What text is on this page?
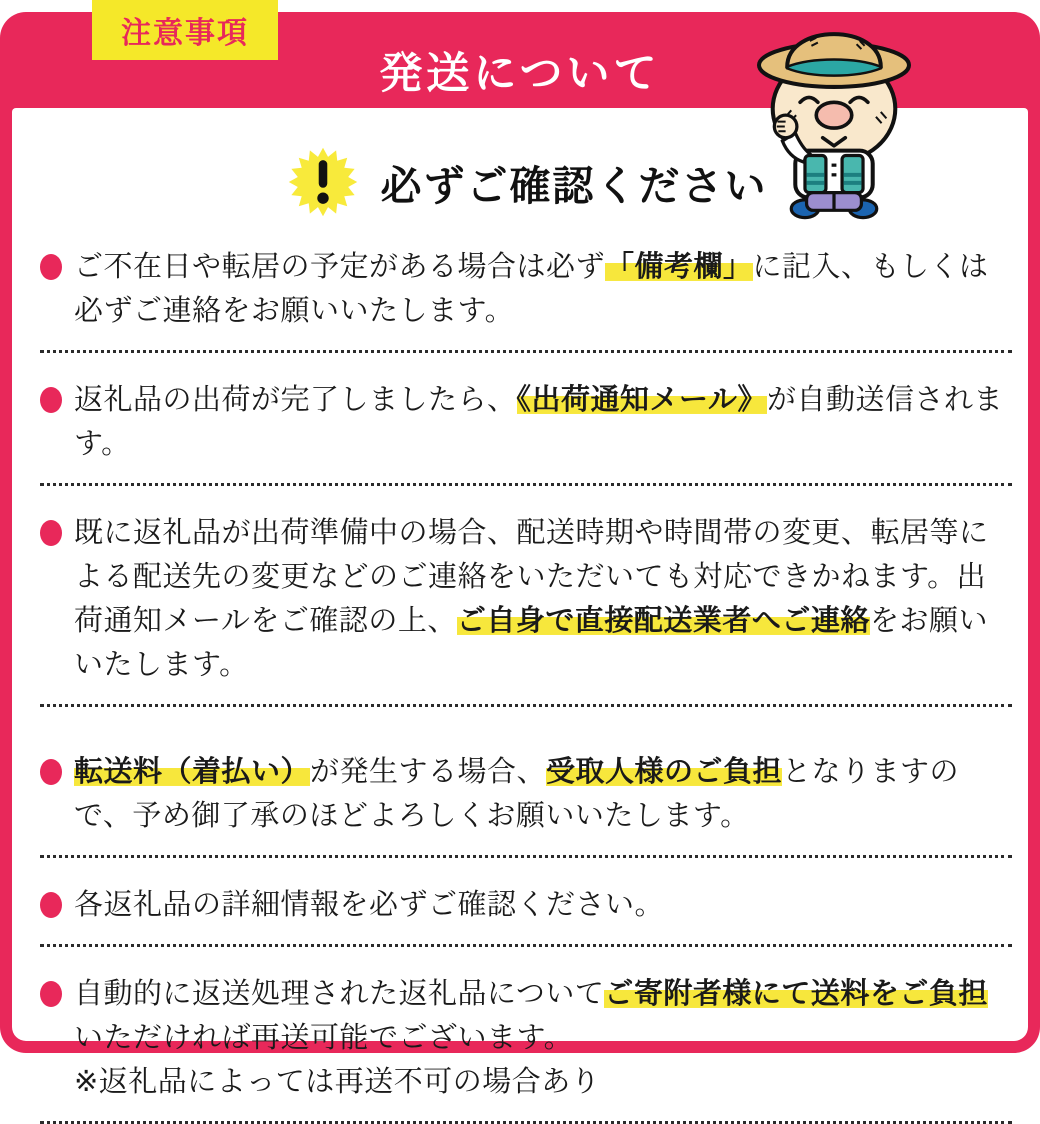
注意事項
発送について
必ずご確認ください
ご不在日や転居の予定がある場合は必ず「備考欄」に記入、もしくは必ずご連絡をお願いいたします。
返礼品の出荷が完了しましたら、《出荷通知メール》が自動送信されます。
既に返礼品が出荷準備中の場合、配送時期や時間帯の変更、転居等による配送先の変更などのご連絡をいただいても対応できかねます。出荷通知メールをご確認の上、ご自身で直接配送業者へご連絡をお願いいたします。
転送料（着払い）が発生する場合、受取人様のご負担となりますので、予め御了承のほどよろしくお願いいたします。
各返礼品の詳細情報を必ずご確認ください。
自動的に返送処理された返礼品についてご寄附者様にて送料をご負担いただければ再送可能でございます。
※返礼品によっては再送不可の場合あり
